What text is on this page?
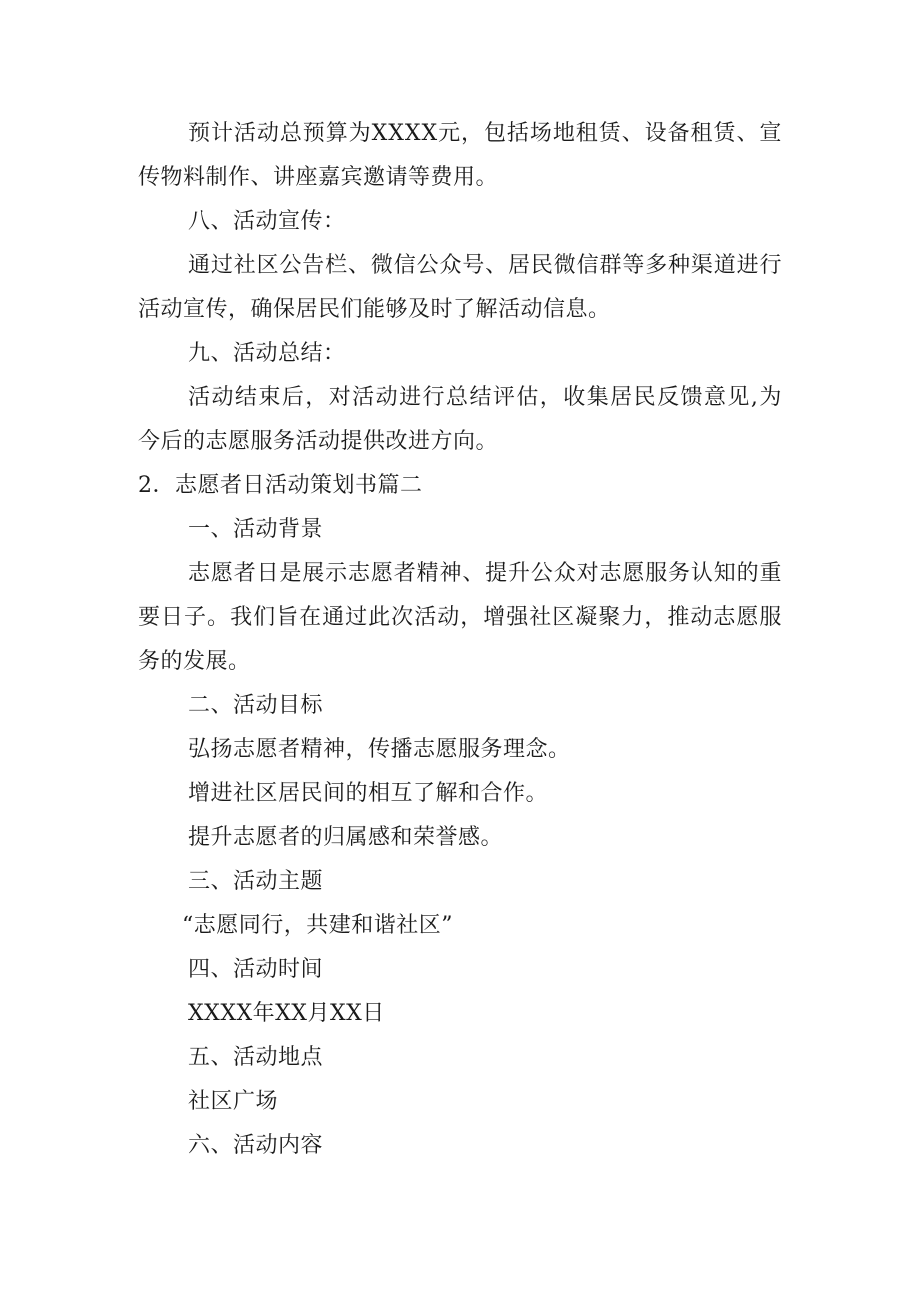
预 计 活 动 总 预 算 为 X X X X 元 ， 包 括 场 地 租 赁 、 设 备 租 赁 、 宣
传物料制作、讲座嘉宾邀请等费用。
八、活动宣传：
通 过 社 区 公 告 栏 、 微 信 公 众 号 、 居 民 微 信 群 等 多 种 渠 道 进 行
活动宣传，确保居民们能够及时了解活动信息。
九、活动总结：
活 动 结 束 后 ， 对 活 动 进 行 总 结 评 估 ， 收 集 居 民 反 馈 意 见 , 为
今后的志愿服务活动提供改进方向。
2．志愿者日活动策划书篇二
一、活动背景
志 愿 者 日 是 展 示 志 愿 者 精 神 、 提 升 公 众 对 志 愿 服 务 认 知 的 重
要 日 子 。 我 们 旨 在 通 过 此 次 活 动 ， 增 强 社 区 凝 聚 力 ， 推 动 志 愿 服
务的发展。
二、活动目标
弘扬志愿者精神，传播志愿服务理念。
增进社区居民间的相互了解和合作。
提升志愿者的归属感和荣誉感。
三、活动主题
“志愿同行，共建和谐社区”
四、活动时间
XXXX年XX月XX日
五、活动地点
社区广场
六、活动内容
